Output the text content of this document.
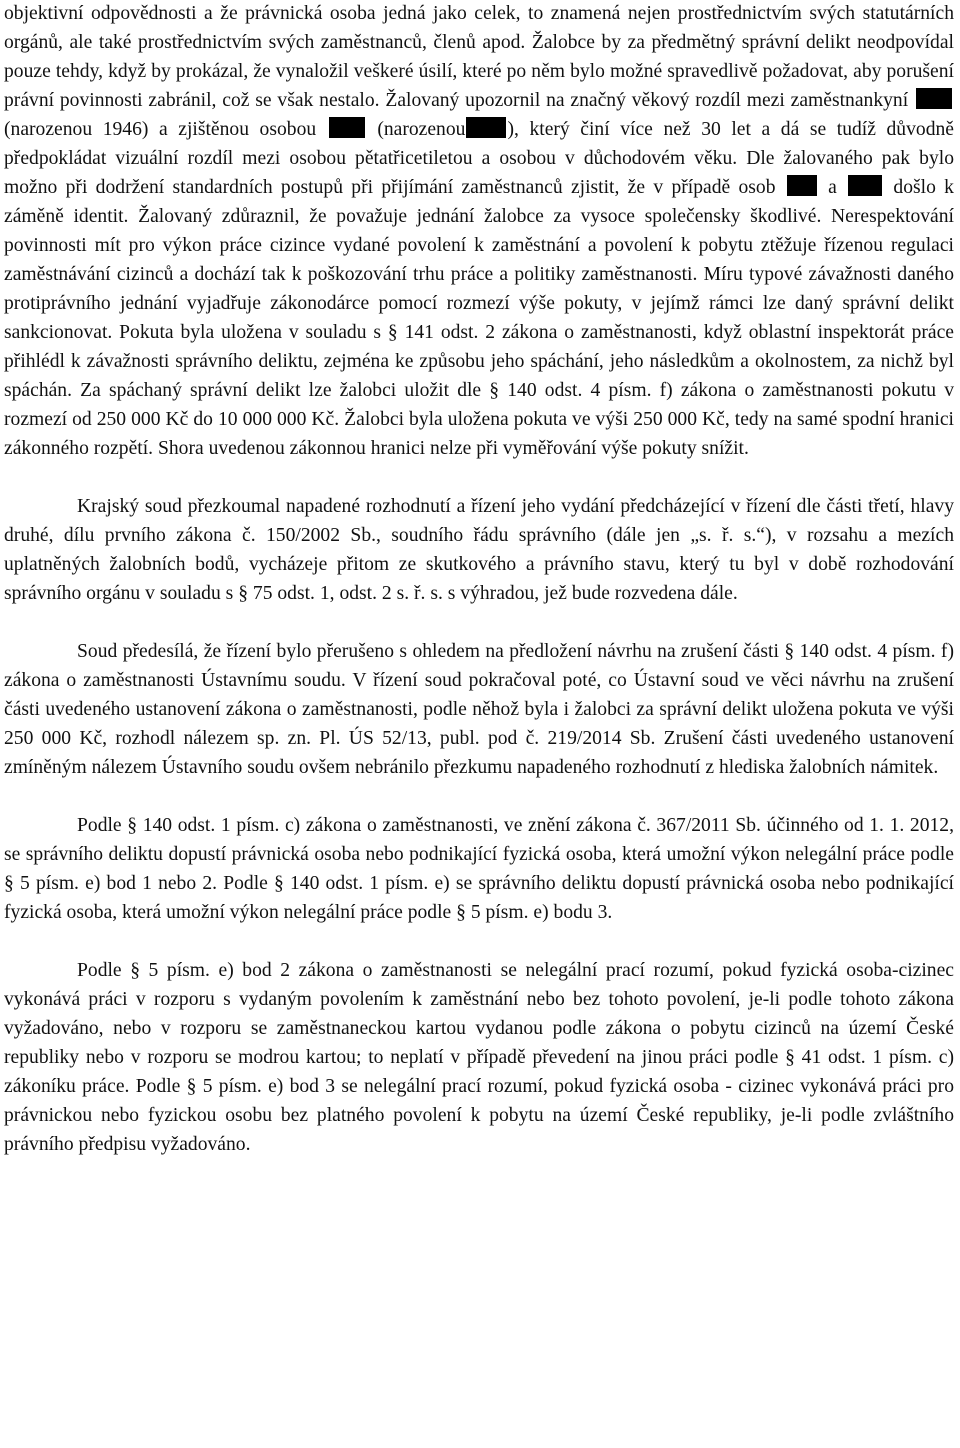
objektivní odpovědnosti a že právnická osoba jedná jako celek, to znamená nejen prostřednictvím svých statutárních orgánů, ale také prostřednictvím svých zaměstnanců, členů apod. Žalobce by za předmětný správní delikt neodpovídal pouze tehdy, když by prokázal, že vynaložil veškeré úsilí, které po něm bylo možné spravedlivě požadovat, aby porušení právní povinnosti zabránil, což se však nestalo. Žalovaný upozornil na značný věkový rozdíl mezi zaměstnankyní  (narozenou 1946) a zjištěnou osobou	(narozenou ), který činí více než 30 let a dá se tudíž důvodně předpokládat vizuální rozdíl mezi osobou pětatřicetiletou a osobou v důchodovém věku. Dle žalovaného pak bylo možno při dodržení standardních postupů při přijímání zaměstnanců zjistit, že v případě osob	a	došlo k záměně identit. Žalovaný zdůraznil, že považuje jednání žalobce za vysoce společensky škodlivé. Nerespektování povinnosti mít pro výkon práce cizince vydané povolení k zaměstnání a povolení k pobytu ztěžuje řízenou regulaci zaměstnávání cizinců a dochází tak k poškozování trhu práce a politiky zaměstnanosti. Míru typové závažnosti daného protiprávního jednání vyjadřuje zákonodárce pomocí rozmezí výše pokuty, v jejímž rámci lze daný správní delikt sankcionovat. Pokuta byla uložena v souladu s § 141 odst. 2 zákona o zaměstnanosti, když oblastní inspektorát práce přihlédl k závažnosti správního deliktu, zejména ke způsobu jeho spáchání, jeho následkům a okolnostem, za nichž byl spáchán. Za spáchaný správní delikt lze žalobci uložit dle § 140 odst. 4 písm. f) zákona o zaměstnanosti pokutu v rozmezí od 250 000 Kč do 10 000 000 Kč. Žalobci byla uložena pokuta ve výši 250 000 Kč, tedy na samé spodní hranici zákonného rozpětí. Shora uvedenou zákonnou hranici nelze při vyměřování výše pokuty snížit.

Krajský soud přezkoumal napadené rozhodnutí a řízení jeho vydání předcházející v řízení dle části třetí, hlavy druhé, dílu prvního zákona č. 150/2002 Sb., soudního řádu správního (dále jen „s. ř. s.“), v rozsahu a mezích uplatněných žalobních bodů, vycházeje přitom ze skutkového a právního stavu, který tu byl v době rozhodování správního orgánu v souladu s § 75 odst. 1, odst. 2 s. ř. s. s výhradou, jež bude rozvedena dále.

Soud předesílá, že řízení bylo přerušeno s ohledem na předložení návrhu na zrušení části § 140 odst. 4 písm. f) zákona o zaměstnanosti Ústavnímu soudu. V řízení soud pokračoval poté, co Ústavní soud ve věci návrhu na zrušení části uvedeného ustanovení zákona o zaměstnanosti, podle něhož byla i žalobci za správní delikt uložena pokuta ve výši 250 000 Kč, rozhodl nálezem sp. zn. Pl. ÚS 52/13, publ. pod č. 219/2014 Sb. Zrušení části uvedeného ustanovení zmíněným nálezem Ústavního soudu ovšem nebránilo přezkumu napadeného rozhodnutí z hlediska žalobních námitek.

Podle § 140 odst. 1 písm. c) zákona o zaměstnanosti, ve znění zákona č. 367/2011 Sb. účinného od 1. 1. 2012, se správního deliktu dopustí právnická osoba nebo podnikající fyzická osoba, která umožní výkon nelegální práce podle § 5 písm. e) bod 1 nebo 2. Podle § 140 odst. 1 písm. e) se správního deliktu dopustí právnická osoba nebo podnikající fyzická osoba, která umožní výkon nelegální práce podle § 5 písm. e) bodu 3.

Podle § 5 písm. e) bod 2 zákona o zaměstnanosti se nelegální prací rozumí, pokud fyzická osoba-cizinec vykonává práci v rozporu s vydaným povolením k zaměstnání nebo bez tohoto povolení, je-li podle tohoto zákona vyžadováno, nebo v rozporu se zaměstnaneckou kartou vydanou podle zákona o pobytu cizinců na území České republiky nebo v rozporu se modrou kartou; to neplatí v případě převedení na jinou práci podle § 41 odst. 1 písm. c) zákoníku práce. Podle § 5 písm. e) bod 3 se nelegální prací rozumí, pokud fyzická osoba - cizinec vykonává práci pro právnickou nebo fyzickou osobu bez platného povolení k pobytu na území České republiky, je-li podle zvláštního právního předpisu vyžadováno.
